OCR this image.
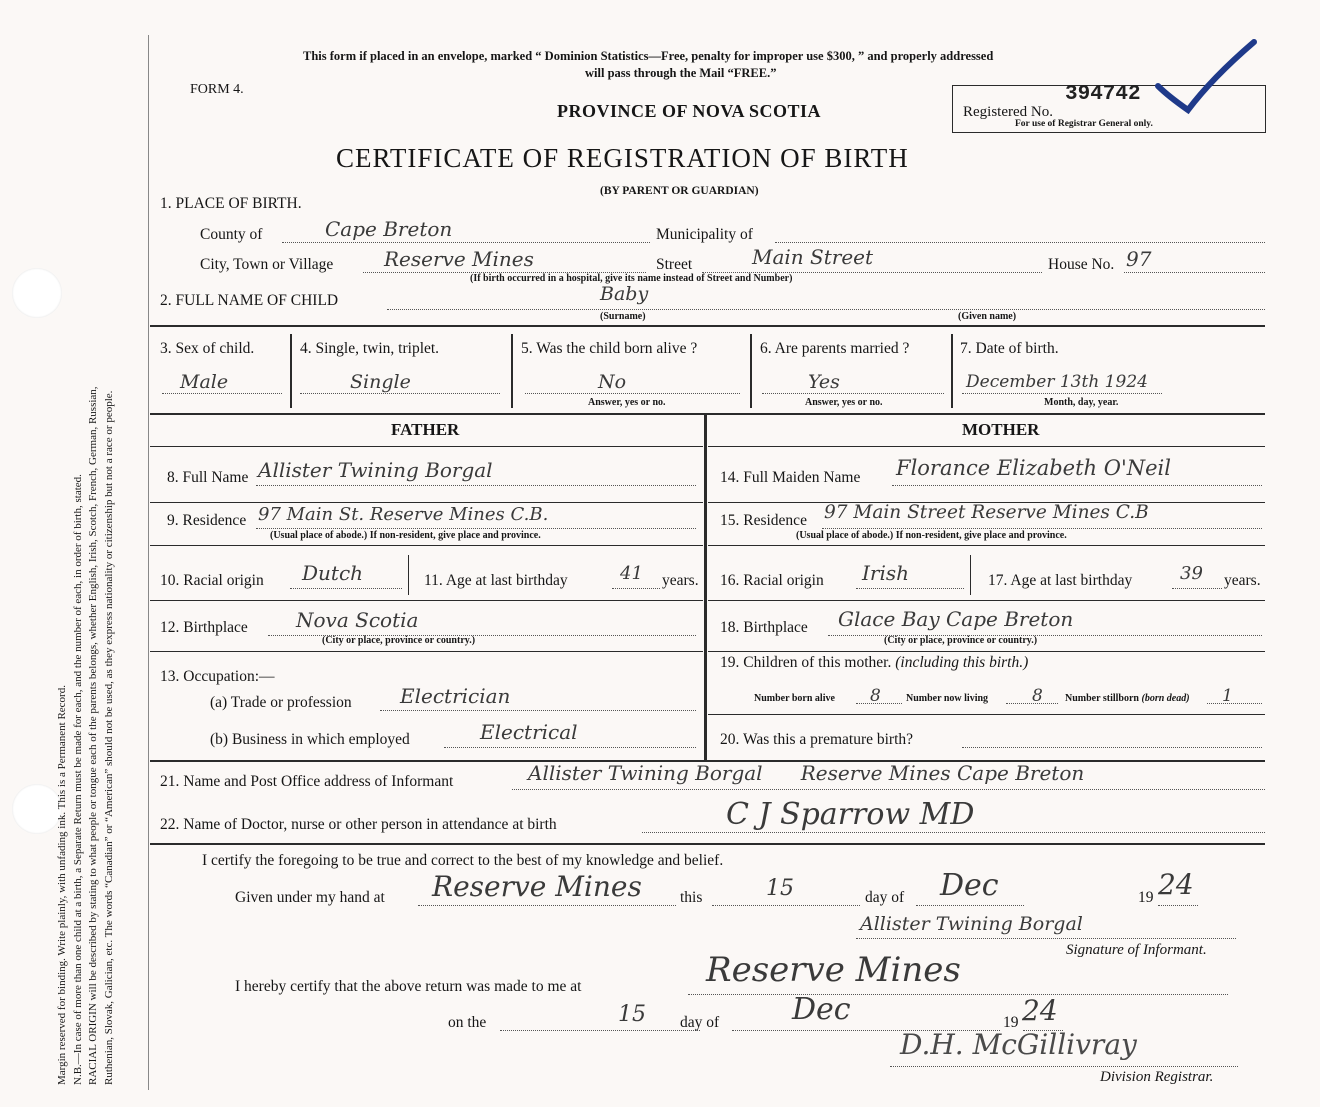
Margin reserved for binding. Write plainly, with unfading ink. This is a Permanent Record. N.B.—In case of more than one child at a birth, a Separate Return must be made for each, and the number of each, in order of birth, stated. RACIAL ORIGIN will be described by stating to what people or tongue each of the parents belongs, whether English, Irish, Scotch, French, German, Russian, Ruthenian, Slovak, Galician, etc. The words “Canadian” or “American” should not be used, as they express nationality or citizenship but not a race or people.
This form if placed in an envelope, marked “ Dominion Statistics—Free, penalty for improper use $300, ” and properly addressed
will pass through the Mail “FREE.”
FORM 4.
PROVINCE OF NOVA SCOTIA
CERTIFICATE OF REGISTRATION OF BIRTH
(BY PARENT OR GUARDIAN)
Registered No.
394742
For use of Registrar General only.
1. PLACE OF BIRTH.
County of	Cape Breton	Municipality of
City, Town or Village	Reserve Mines	Street	Main Street	House No. 97
(If birth occurred in a hospital, give its name instead of Street and Number)
2. FULL NAME OF CHILD	Baby
(Surname)	(Given name)
3. Sex of child.
Male
4. Single, twin, triplet.
Single
5. Was the child born alive ?
No
Answer, yes or no.
6. Are parents married ?
Yes
Answer, yes or no.
7. Date of birth.
December 13th 1924
Month, day, year.
FATHER	MOTHER
8. Full Name Allister Twining Borgal
9. Residence 97 Main St. Reserve Mines C.B.
(Usual place of abode.) If non-resident, give place and province.
10. Racial origin Dutch	11. Age at last birthday	41 years.
12. Birthplace Nova Scotia
(City or place, province or country.)
13. Occupation:—
(a) Trade or profession Electrician
(b) Business in which employed	Electrical
14. Full Maiden Name Florance Elizabeth O'Neil
15. Residence 97 Main Street Reserve Mines C.B
(Usual place of abode.) If non-resident, give place and province.
16. Racial origin Irish	17. Age at last birthday	39 years.
18. Birthplace Glace Bay Cape Breton
(City or place, province or country.)
19. Children of this mother. (including this birth.)
Number born alive 8	Number now living	8 Number stillborn (born dead) 1
20. Was this a premature birth?
21. Name and Post Office address of Informant	Allister Twining Borgal      Reserve Mines Cape Breton
22. Name of Doctor, nurse or other person in attendance at birth	C J Sparrow MD
I certify the foregoing to be true and correct to the best of my knowledge and belief.
Given under my hand at Reserve Mines this	15	day of Dec	19 24
Allister Twining Borgal
Signature of Informant.
I hereby certify that the above return was made to me at	Reserve Mines
on the	15 day of Dec	19 24
D.H. McGillivray
Division Registrar.
